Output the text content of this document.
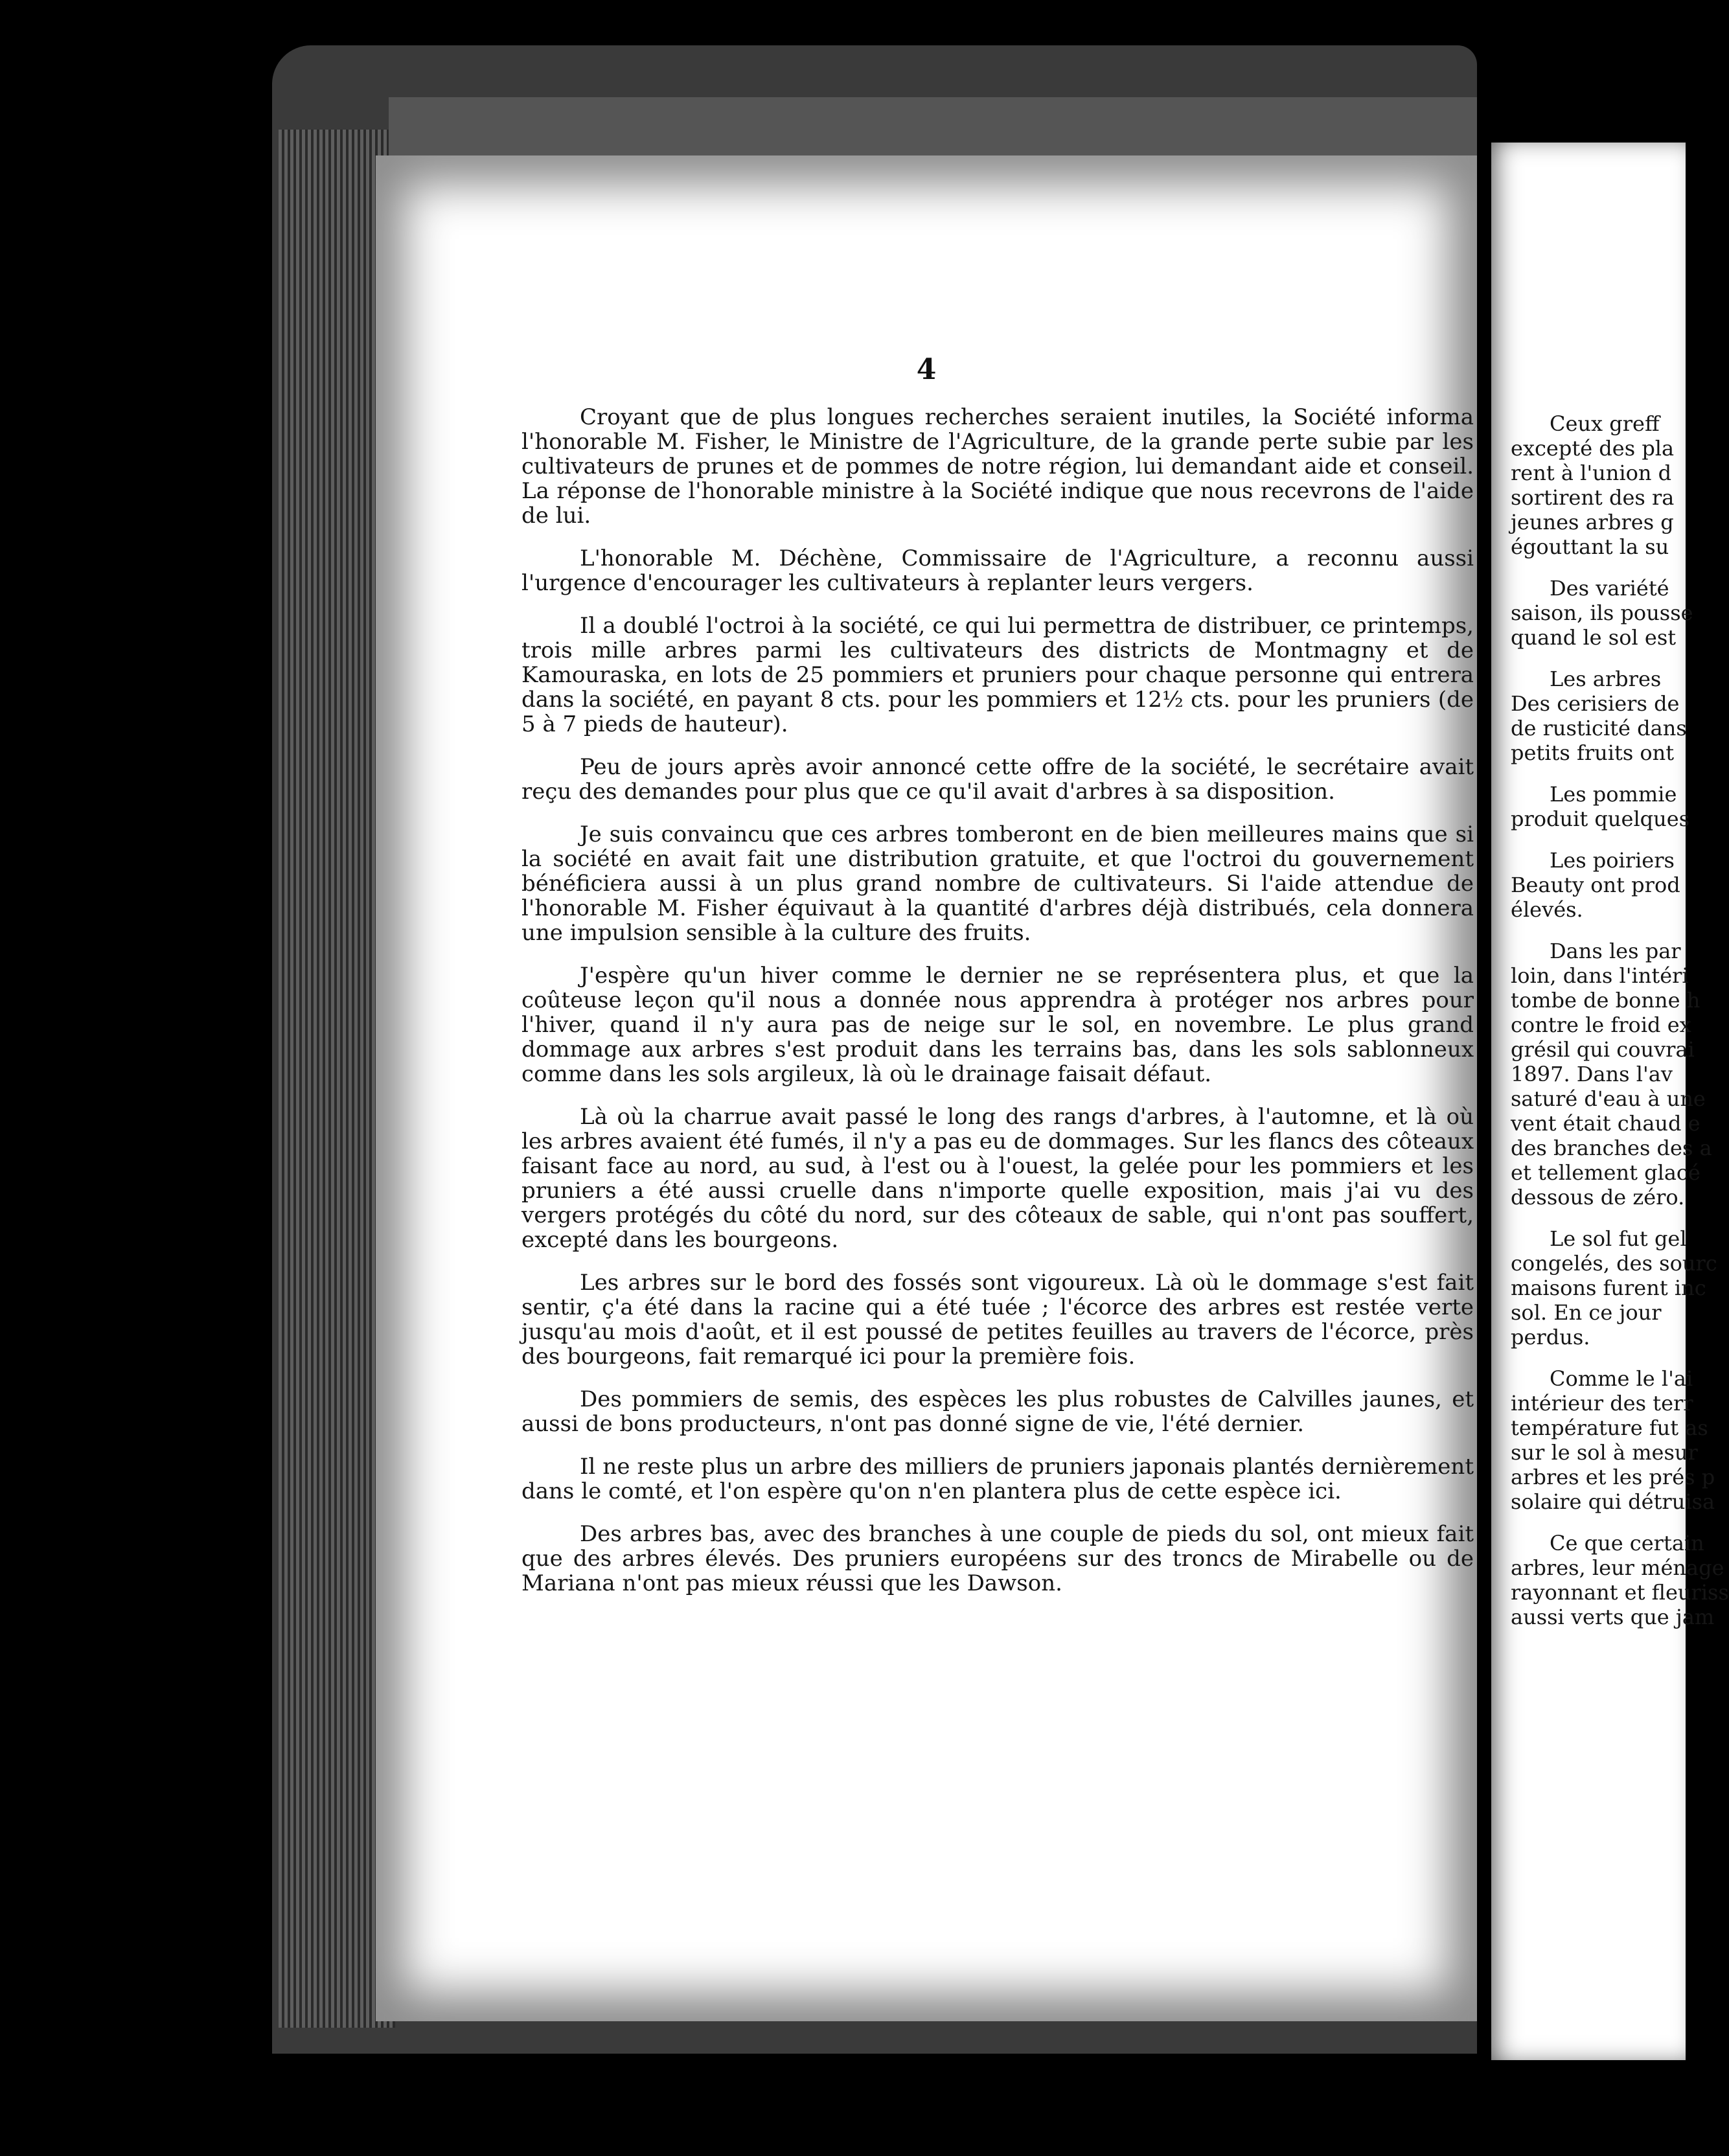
4

Croyant que de plus longues recherches seraient inutiles, la Société informa l'honorable M. Fisher, le Ministre de l'Agriculture, de la grande perte subie par les cultivateurs de prunes et de pommes de notre région, lui demandant aide et conseil. La réponse de l'honorable ministre à la Société indique que nous recevrons de l'aide de lui.

L'honorable M. Déchène, Commissaire de l'Agriculture, a reconnu aussi l'urgence d'encourager les cultivateurs à replanter leurs vergers.

Il a doublé l'octroi à la société, ce qui lui permettra de distribuer, ce printemps, trois mille arbres parmi les cultivateurs des districts de Montmagny et de Kamouraska, en lots de 25 pommiers et pruniers pour chaque personne qui entrera dans la société, en payant 8 cts. pour les pommiers et 12½ cts. pour les pruniers (de 5 à 7 pieds de hauteur).

Peu de jours après avoir annoncé cette offre de la société, le secrétaire avait reçu des demandes pour plus que ce qu'il avait d'arbres à sa disposition.

Je suis convaincu que ces arbres tomberont en de bien meilleures mains que si la société en avait fait une distribution gratuite, et que l'octroi du gouvernement bénéficiera aussi à un plus grand nombre de cultivateurs. Si l'aide attendue de l'honorable M. Fisher équivaut à la quantité d'arbres déjà distribués, cela donnera une impulsion sensible à la culture des fruits.

J'espère qu'un hiver comme le dernier ne se représentera plus, et que la coûteuse leçon qu'il nous a donnée nous apprendra à protéger nos arbres pour l'hiver, quand il n'y aura pas de neige sur le sol, en novembre. Le plus grand dommage aux arbres s'est produit dans les terrains bas, dans les sols sablonneux comme dans les sols argileux, là où le drainage faisait défaut.

Là où la charrue avait passé le long des rangs d'arbres, à l'automne, et là où les arbres avaient été fumés, il n'y a pas eu de dommages. Sur les flancs des côteaux faisant face au nord, au sud, à l'est ou à l'ouest, la gelée pour les pommiers et les pruniers a été aussi cruelle dans n'importe quelle exposition, mais j'ai vu des vergers protégés du côté du nord, sur des côteaux de sable, qui n'ont pas souffert, excepté dans les bourgeons.

Les arbres sur le bord des fossés sont vigoureux. Là où le dommage s'est fait sentir, ç'a été dans la racine qui a été tuée ; l'écorce des arbres est restée verte jusqu'au mois d'août, et il est poussé de petites feuilles au travers de l'écorce, près des bourgeons, fait remarqué ici pour la première fois.

Des pommiers de semis, des espèces les plus robustes de Calvilles jaunes, et aussi de bons producteurs, n'ont pas donné signe de vie, l'été dernier.

Il ne reste plus un arbre des milliers de pruniers japonais plantés dernièrement dans le comté, et l'on espère qu'on n'en plantera plus de cette espèce ici.

Des arbres bas, avec des branches à une couple de pieds du sol, ont mieux fait que des arbres élevés. Des pruniers européens sur des troncs de Mirabelle ou de Mariana n'ont pas mieux réussi que les Dawson.

Ceux greff
excepté des pla
rent à l'union d
sortirent des ra
jeunes arbres g
égouttant la su

Des variété
saison, ils pousse
quand le sol est

Les arbres
Des cerisiers de
de rusticité dans
petits fruits ont

Les pommie
produit quelques

Les poiriers
Beauty ont prod
élevés.

Dans les par
loin, dans l'intéri
tombe de bonne h
contre le froid ex
grésil qui couvrai
1897. Dans l'av
saturé d'eau à une
vent était chaud e
des branches des a
et tellement glacé
dessous de zéro.

Le sol fut gel
congelés, des sourc
maisons furent inc
sol. En ce jour
perdus.

Comme le l'ai
intérieur des terr
température fut as
sur le sol à mesur
arbres et les prés p
solaire qui détruisa

Ce que certain
arbres, leur ménage
rayonnant et fleuriss
aussi verts que jam
